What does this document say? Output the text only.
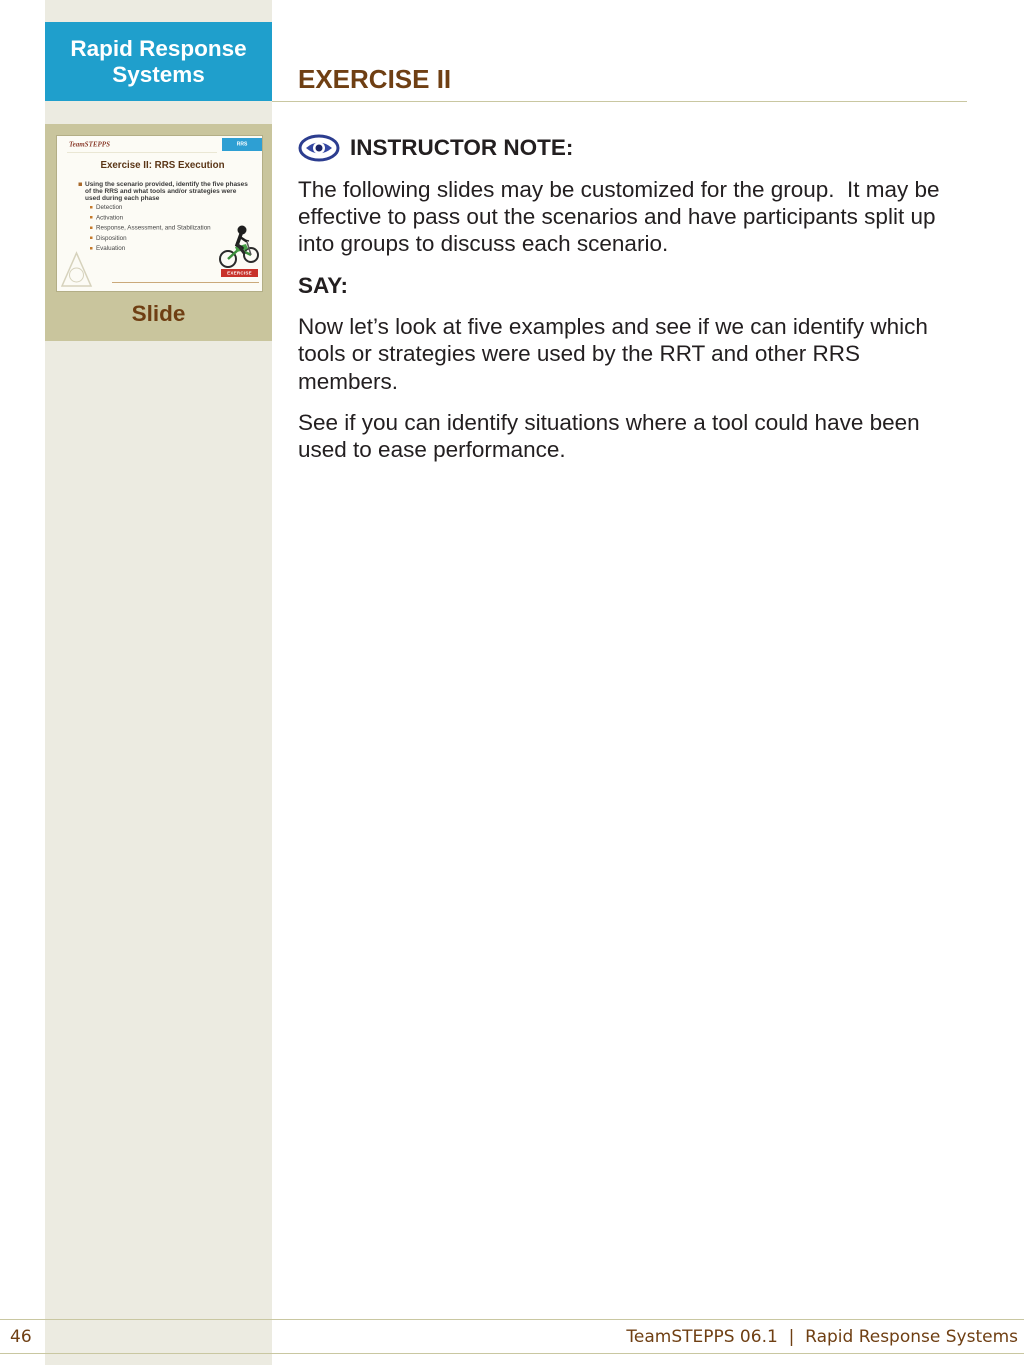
Rapid Response Systems
TeamSTEPPS	RRS
Exercise II: RRS Execution
Using the scenario provided, identify the five phases of the RRS and what tools and/or strategies were used during each phase
Detection
Activation
Response, Assessment, and Stabilization
Disposition
Evaluation
EXERCISE
Slide
EXERCISE II
INSTRUCTOR NOTE:

The following slides may be customized for the group.  It may be effective to pass out the scenarios and have participants split up into groups to discuss each scenario.

SAY:

Now let’s look at five examples and see if we can identify which tools or strategies were used by the RRT and other RRS members.

See if you can identify situations where a tool could have been used to ease performance.

46	TeamSTEPPS 06.1  |  Rapid Response Systems
